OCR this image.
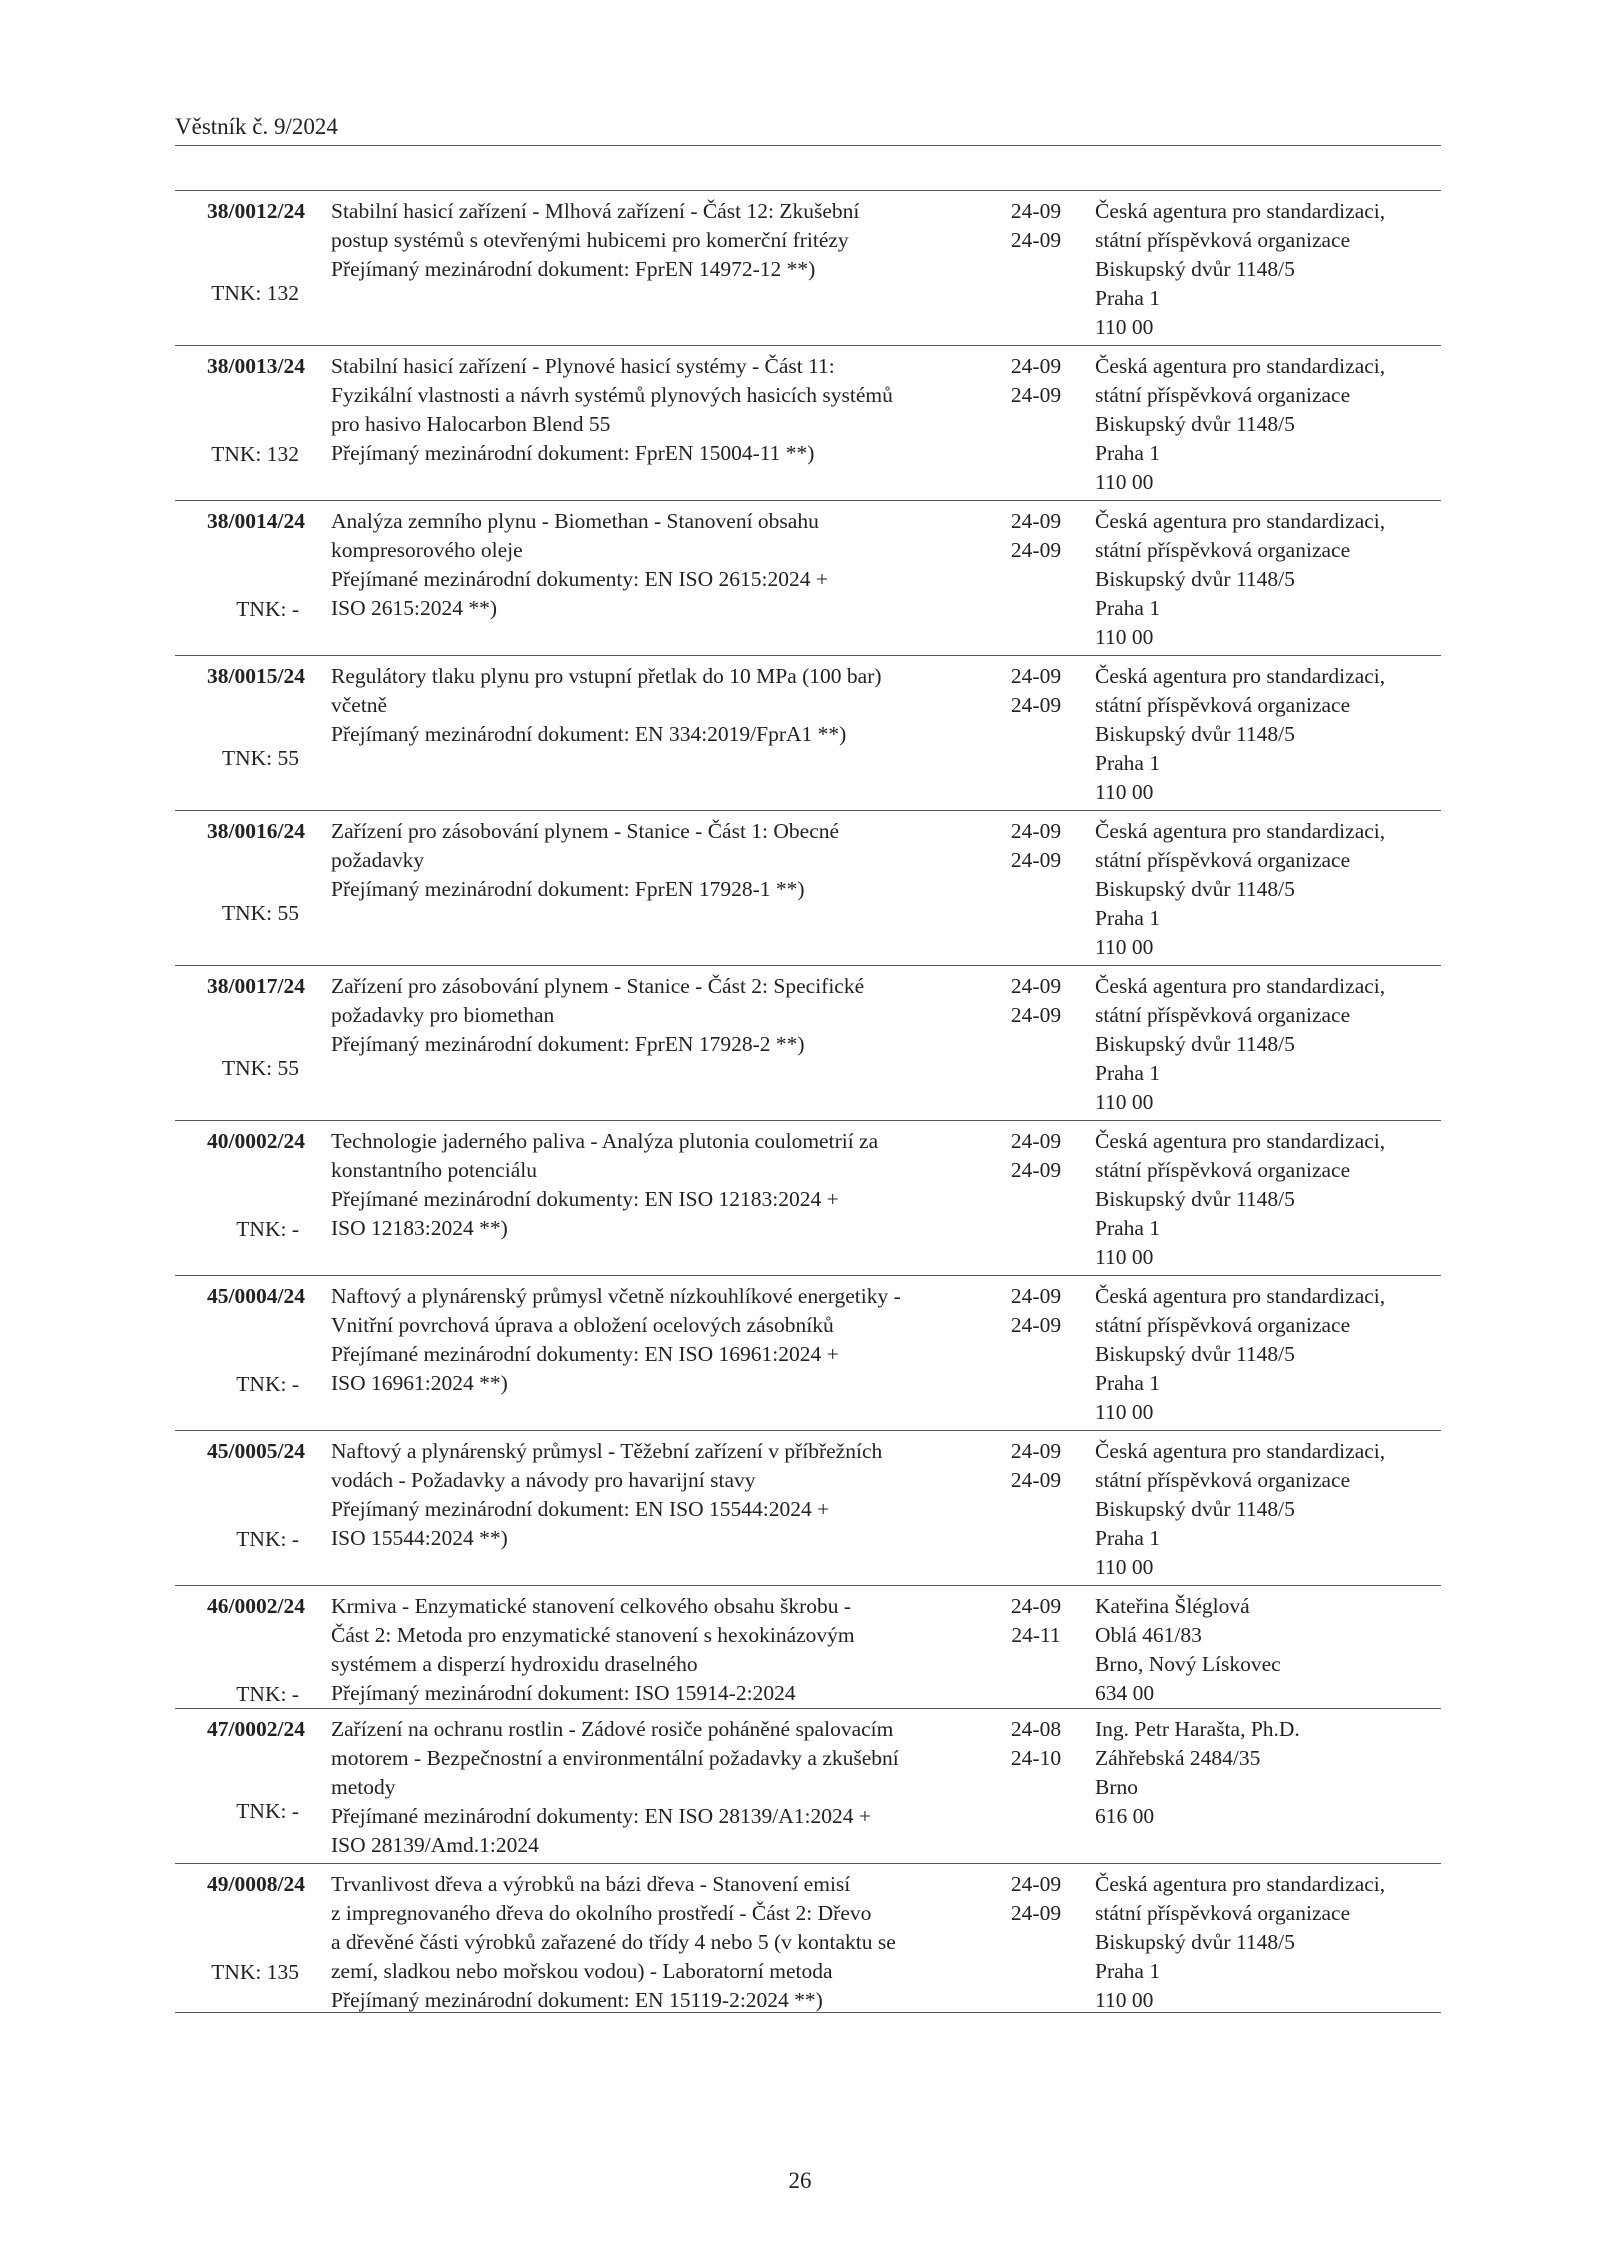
Věstník č. 9/2024
38/0012/24
TNK: 132
Stabilní hasicí zařízení - Mlhová zařízení - Část 12: Zkušební
postup systémů s otevřenými hubicemi pro komerční fritézy
Přejímaný mezinárodní dokument: FprEN 14972-12 **)
24-09
24-09
Česká agentura pro standardizaci,
státní příspěvková organizace
Biskupský dvůr 1148/5
Praha 1
110 00
38/0013/24
TNK: 132
Stabilní hasicí zařízení - Plynové hasicí systémy - Část 11:
Fyzikální vlastnosti a návrh systémů plynových hasicích systémů
pro hasivo Halocarbon Blend 55
Přejímaný mezinárodní dokument: FprEN 15004-11 **)
24-09
24-09
Česká agentura pro standardizaci,
státní příspěvková organizace
Biskupský dvůr 1148/5
Praha 1
110 00
38/0014/24
TNK: -
Analýza zemního plynu - Biomethan - Stanovení obsahu
kompresorového oleje
Přejímané mezinárodní dokumenty: EN ISO 2615:2024 +
ISO 2615:2024 **)
24-09
24-09
Česká agentura pro standardizaci,
státní příspěvková organizace
Biskupský dvůr 1148/5
Praha 1
110 00
38/0015/24
TNK: 55
Regulátory tlaku plynu pro vstupní přetlak do 10 MPa (100 bar)
včetně
Přejímaný mezinárodní dokument: EN 334:2019/FprA1 **)
24-09
24-09
Česká agentura pro standardizaci,
státní příspěvková organizace
Biskupský dvůr 1148/5
Praha 1
110 00
38/0016/24
TNK: 55
Zařízení pro zásobování plynem - Stanice - Část 1: Obecné
požadavky
Přejímaný mezinárodní dokument: FprEN 17928-1 **)
24-09
24-09
Česká agentura pro standardizaci,
státní příspěvková organizace
Biskupský dvůr 1148/5
Praha 1
110 00
38/0017/24
TNK: 55
Zařízení pro zásobování plynem - Stanice - Část 2: Specifické
požadavky pro biomethan
Přejímaný mezinárodní dokument: FprEN 17928-2 **)
24-09
24-09
Česká agentura pro standardizaci,
státní příspěvková organizace
Biskupský dvůr 1148/5
Praha 1
110 00
40/0002/24
TNK: -
Technologie jaderného paliva - Analýza plutonia coulometrií za
konstantního potenciálu
Přejímané mezinárodní dokumenty: EN ISO 12183:2024 +
ISO 12183:2024 **)
24-09
24-09
Česká agentura pro standardizaci,
státní příspěvková organizace
Biskupský dvůr 1148/5
Praha 1
110 00
45/0004/24
TNK: -
Naftový a plynárenský průmysl včetně nízkouhlíkové energetiky -
Vnitřní povrchová úprava a obložení ocelových zásobníků
Přejímané mezinárodní dokumenty: EN ISO 16961:2024 +
ISO 16961:2024 **)
24-09
24-09
Česká agentura pro standardizaci,
státní příspěvková organizace
Biskupský dvůr 1148/5
Praha 1
110 00
45/0005/24
TNK: -
Naftový a plynárenský průmysl - Těžební zařízení v příbřežních
vodách - Požadavky a návody pro havarijní stavy
Přejímaný mezinárodní dokument: EN ISO 15544:2024 +
ISO 15544:2024 **)
24-09
24-09
Česká agentura pro standardizaci,
státní příspěvková organizace
Biskupský dvůr 1148/5
Praha 1
110 00
46/0002/24
TNK: -
Krmiva - Enzymatické stanovení celkového obsahu škrobu -
Část 2: Metoda pro enzymatické stanovení s hexokinázovým
systémem a disperzí hydroxidu draselného
Přejímaný mezinárodní dokument: ISO 15914-2:2024
24-09
24-11
Kateřina Šléglová
Oblá 461/83
Brno, Nový Lískovec
634 00
47/0002/24
TNK: -
Zařízení na ochranu rostlin - Zádové rosiče poháněné spalovacím
motorem - Bezpečnostní a environmentální požadavky a zkušební
metody
Přejímané mezinárodní dokumenty: EN ISO 28139/A1:2024 +
ISO 28139/Amd.1:2024
24-08
24-10
Ing. Petr Harašta, Ph.D.
Záhřebská 2484/35
Brno
616 00
49/0008/24
TNK: 135
Trvanlivost dřeva a výrobků na bázi dřeva - Stanovení emisí
z impregnovaného dřeva do okolního prostředí - Část 2: Dřevo
a dřevěné části výrobků zařazené do třídy 4 nebo 5 (v kontaktu se
zemí, sladkou nebo mořskou vodou) - Laboratorní metoda
Přejímaný mezinárodní dokument: EN 15119-2:2024 **)
24-09
24-09
Česká agentura pro standardizaci,
státní příspěvková organizace
Biskupský dvůr 1148/5
Praha 1
110 00
26
